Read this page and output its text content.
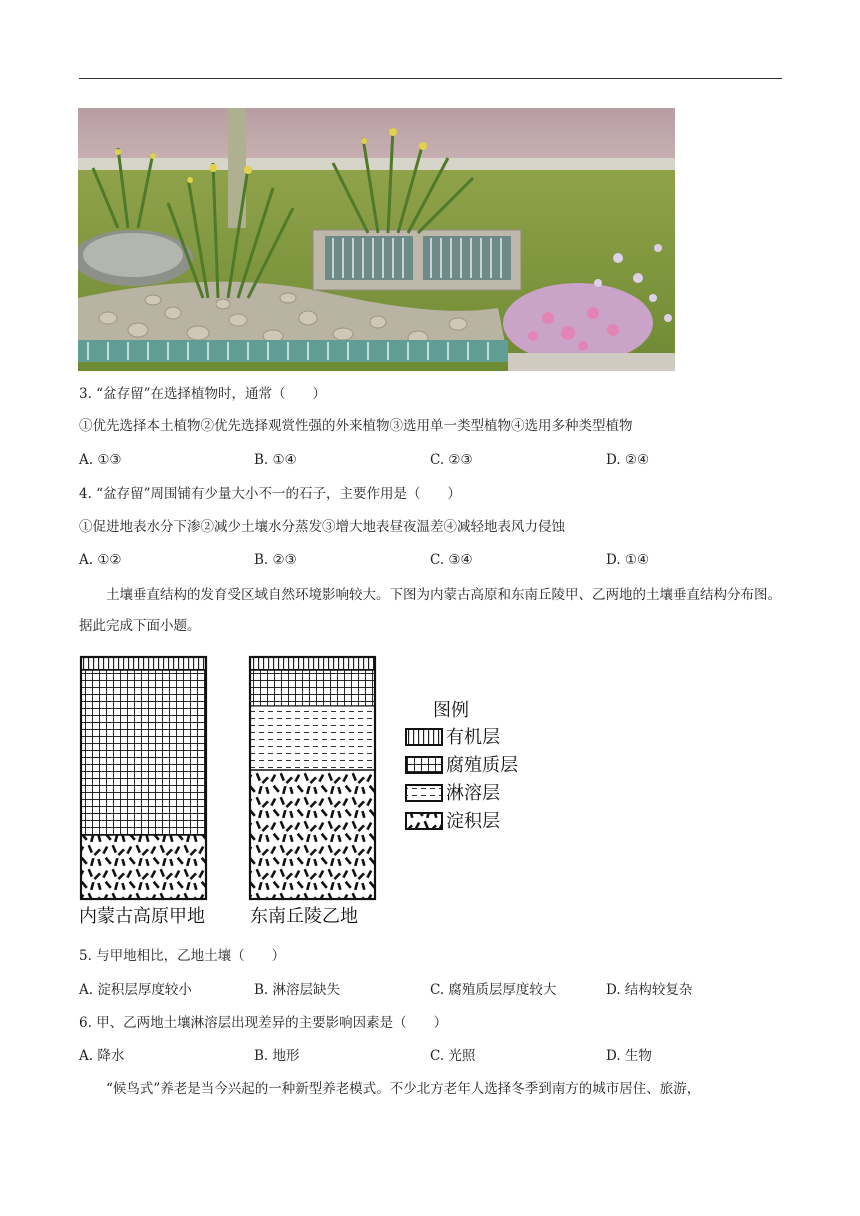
3. “盆存留”在选择植物时，通常（　　）
①优先选择本土植物②优先选择观赏性强的外来植物③选用单一类型植物④选用多种类型植物
A. ①③	B. ①④	C. ②③	D. ②④
4. “盆存留”周围铺有少量大小不一的石子，主要作用是（　　）
①促进地表水分下渗②减少土壤水分蒸发③增大地表昼夜温差④减轻地表风力侵蚀
A. ①②	B. ②③	C. ③④	D. ①④
土壤垂直结构的发育受区域自然环境影响较大。下图为内蒙古高原和东南丘陵甲、乙两地的土壤垂直结构分布图。据此完成下面小题。
图例
有机层
腐殖质层
淋溶层
淀积层
内蒙古高原甲地	东南丘陵乙地
5. 与甲地相比，乙地土壤（　　）
A. 淀积层厚度较小	B. 淋溶层缺失	C. 腐殖质层厚度较大	D. 结构较复杂
6. 甲、乙两地土壤淋溶层出现差异的主要影响因素是（　　）
A. 降水	B. 地形	C. 光照	D. 生物
“候鸟式”养老是当今兴起的一种新型养老模式。不少北方老年人选择冬季到南方的城市居住、旅游，
